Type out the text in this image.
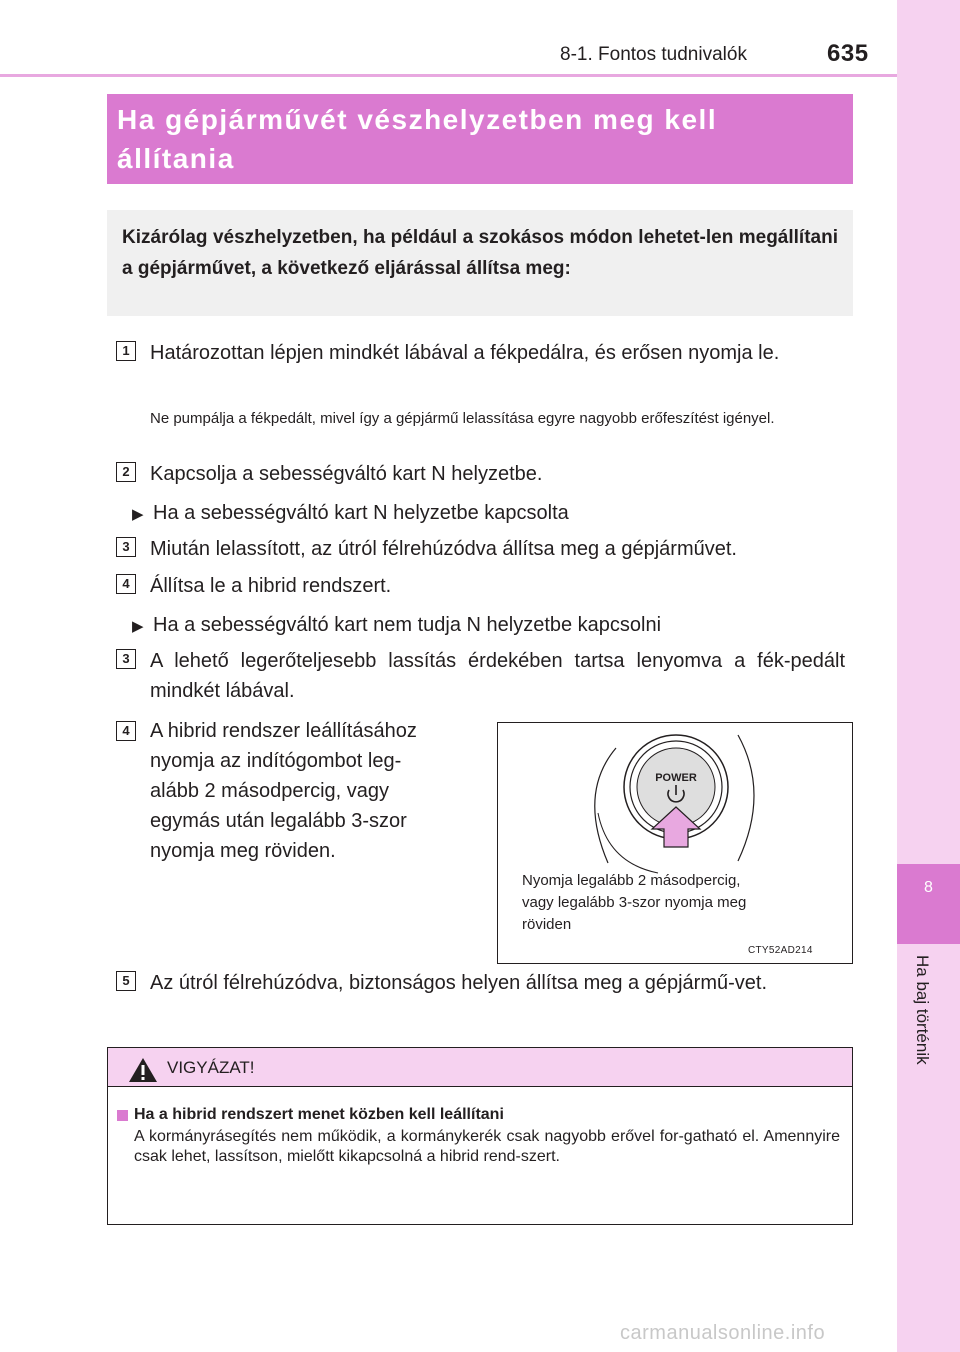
8-1. Fontos tudnivalók	635
8
Ha baj történik
Ha gépjárművét vészhelyzetben meg kell állítania
Kizárólag vészhelyzetben, ha például a szokásos módon lehetet-len megállítani a gépjárművet, a következő eljárással állítsa meg:
1	Határozottan lépjen mindkét lábával a fékpedálra, és erősen nyomja le.
Ne pumpálja a fékpedált, mivel így a gépjármű lelassítása egyre nagyobb erőfeszítést igényel.
2	Kapcsolja a sebességváltó kart N helyzetbe.
▶ Ha a sebességváltó kart N helyzetbe kapcsolta
3	Miután lelassított, az útról félrehúzódva állítsa meg a gépjárművet.
4	Állítsa le a hibrid rendszert.
▶ Ha a sebességváltó kart nem tudja N helyzetbe kapcsolni
3	A lehető legerőteljesebb lassítás érdekében tartsa lenyomva a fék-pedált mindkét lábával.
4	A hibrid rendszer leállításához
nyomja az indítógombot leg-
alább 2 másodpercig, vagy
egymás után legalább 3-szor
nyomja meg röviden.
POWER
Nyomja legalább 2 másodpercig,
vagy legalább 3-szor nyomja meg
röviden
CTY52AD214
5	Az útról félrehúzódva, biztonságos helyen állítsa meg a gépjármű-vet.
VIGYÁZAT!
Ha a hibrid rendszert menet közben kell leállítani
A kormányrásegítés nem működik, a kormánykerék csak nagyobb erővel for-gatható el. Amennyire csak lehet, lassítson, mielőtt kikapcsolná a hibrid rend-szert.
carmanualsonline.info
